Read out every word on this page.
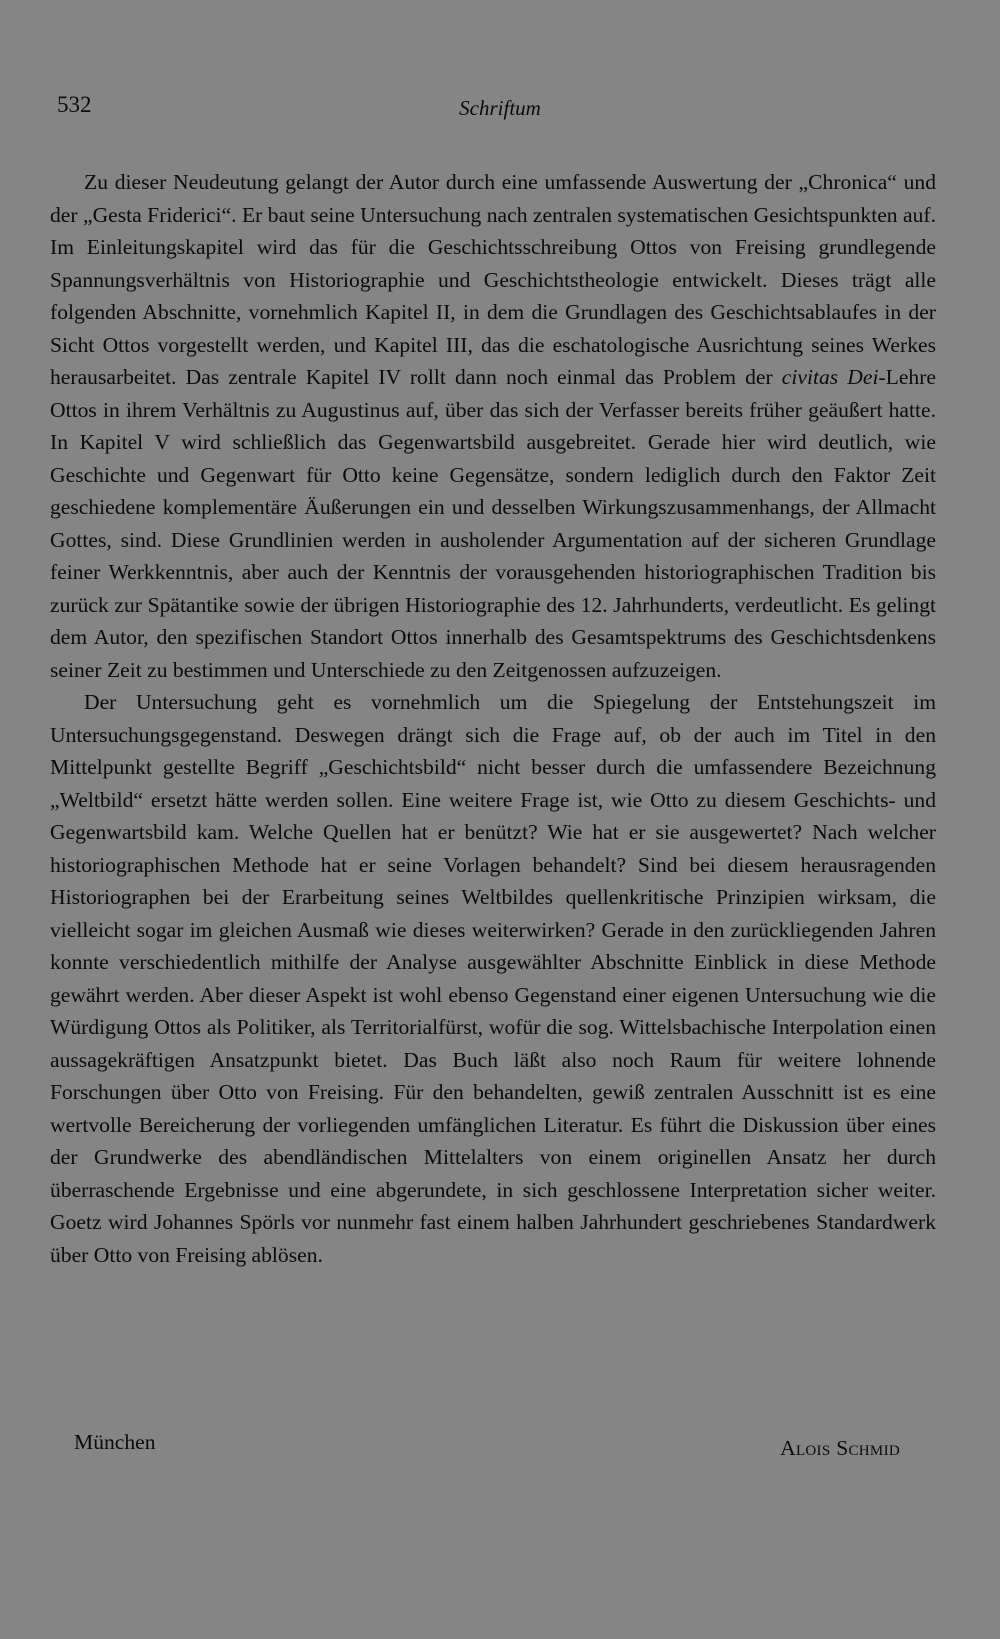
532	Schriftum

Zu dieser Neudeutung gelangt der Autor durch eine umfassende Auswertung der „Chronica“ und der „Gesta Friderici“. Er baut seine Untersuchung nach zentralen systematischen Gesichtspunkten auf. Im Einleitungskapitel wird das für die Geschichtsschreibung Ottos von Freising grundlegende Spannungsverhältnis von Historiographie und Geschichtstheologie entwickelt. Dieses trägt alle folgenden Abschnitte, vornehmlich Kapitel II, in dem die Grundlagen des Geschichtsablaufes in der Sicht Ottos vorgestellt werden, und Kapitel III, das die eschatologische Ausrichtung seines Werkes herausarbeitet. Das zentrale Kapitel IV rollt dann noch einmal das Problem der civitas Dei-Lehre Ottos in ihrem Verhältnis zu Augustinus auf, über das sich der Verfasser bereits früher geäußert hatte. In Kapitel V wird schließlich das Gegenwartsbild ausgebreitet. Gerade hier wird deutlich, wie Geschichte und Gegenwart für Otto keine Gegensätze, sondern lediglich durch den Faktor Zeit geschiedene komplementäre Äußerungen ein und desselben Wirkungszusammenhangs, der Allmacht Gottes, sind. Diese Grundlinien werden in ausholender Argumentation auf der sicheren Grundlage feiner Werkkenntnis, aber auch der Kenntnis der vorausgehenden historiographischen Tradition bis zurück zur Spätantike sowie der übrigen Historiographie des 12. Jahrhunderts, verdeutlicht. Es gelingt dem Autor, den spezifischen Standort Ottos innerhalb des Gesamtspektrums des Geschichtsdenkens seiner Zeit zu bestimmen und Unterschiede zu den Zeitgenossen aufzuzeigen.

Der Untersuchung geht es vornehmlich um die Spiegelung der Entstehungszeit im Untersuchungsgegenstand. Deswegen drängt sich die Frage auf, ob der auch im Titel in den Mittelpunkt gestellte Begriff „Geschichtsbild“ nicht besser durch die umfassendere Bezeichnung „Weltbild“ ersetzt hätte werden sollen. Eine weitere Frage ist, wie Otto zu diesem Geschichts- und Gegenwartsbild kam. Welche Quellen hat er benützt? Wie hat er sie ausgewertet? Nach welcher historiographischen Methode hat er seine Vorlagen behandelt? Sind bei diesem herausragenden Historiographen bei der Erarbeitung seines Weltbildes quellenkritische Prinzipien wirksam, die vielleicht sogar im gleichen Ausmaß wie dieses weiterwirken? Gerade in den zurückliegenden Jahren konnte verschiedentlich mithilfe der Analyse ausgewählter Abschnitte Einblick in diese Methode gewährt werden. Aber dieser Aspekt ist wohl ebenso Gegenstand einer eigenen Untersuchung wie die Würdigung Ottos als Politiker, als Territorialfürst, wofür die sog. Wittelsbachische Interpolation einen aussagekräftigen Ansatzpunkt bietet. Das Buch läßt also noch Raum für weitere lohnende Forschungen über Otto von Freising. Für den behandelten, gewiß zentralen Ausschnitt ist es eine wertvolle Bereicherung der vorliegenden umfänglichen Literatur. Es führt die Diskussion über eines der Grundwerke des abendländischen Mittelalters von einem originellen Ansatz her durch überraschende Ergebnisse und eine abgerundete, in sich geschlossene Interpretation sicher weiter. Goetz wird Johannes Spörls vor nunmehr fast einem halben Jahrhundert geschriebenes Standardwerk über Otto von Freising ablösen.

München	Alois Schmid
